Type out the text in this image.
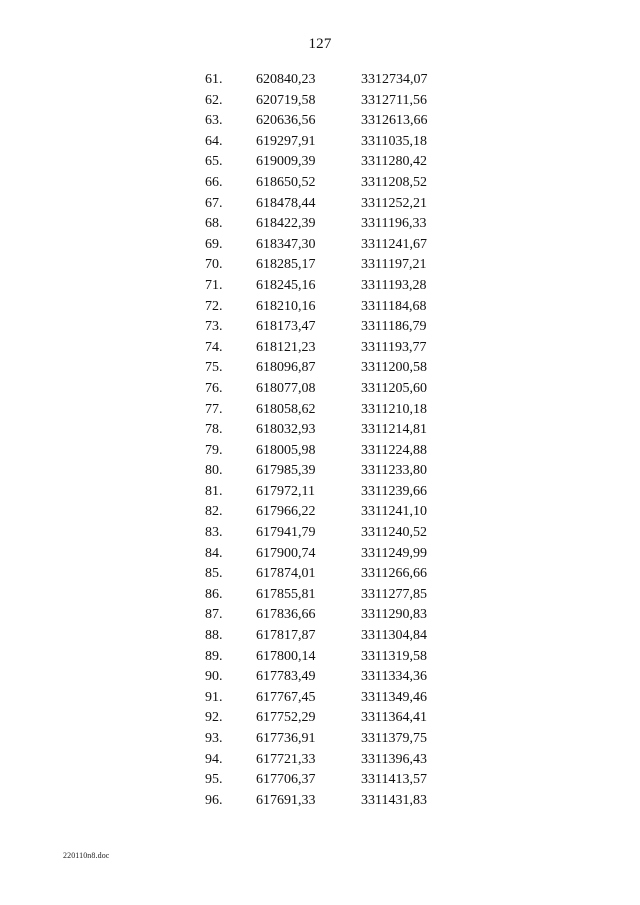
127
61. 620840,23	3312734,07
62. 620719,58	3312711,56
63. 620636,56	3312613,66
64. 619297,91	3311035,18
65. 619009,39	3311280,42
66. 618650,52	3311208,52
67. 618478,44	3311252,21
68. 618422,39	3311196,33
69. 618347,30	3311241,67
70. 618285,17	3311197,21
71. 618245,16	3311193,28
72. 618210,16	3311184,68
73. 618173,47	3311186,79
74. 618121,23	3311193,77
75. 618096,87	3311200,58
76. 618077,08	3311205,60
77. 618058,62	3311210,18
78. 618032,93	3311214,81
79. 618005,98	3311224,88
80. 617985,39	3311233,80
81. 617972,11	3311239,66
82. 617966,22	3311241,10
83. 617941,79	3311240,52
84. 617900,74	3311249,99
85. 617874,01	3311266,66
86. 617855,81	3311277,85
87. 617836,66	3311290,83
88. 617817,87	3311304,84
89. 617800,14	3311319,58
90. 617783,49	3311334,36
91. 617767,45	3311349,46
92. 617752,29	3311364,41
93. 617736,91	3311379,75
94. 617721,33	3311396,43
95. 617706,37	3311413,57
96. 617691,33	3311431,83
220110n8.doc
